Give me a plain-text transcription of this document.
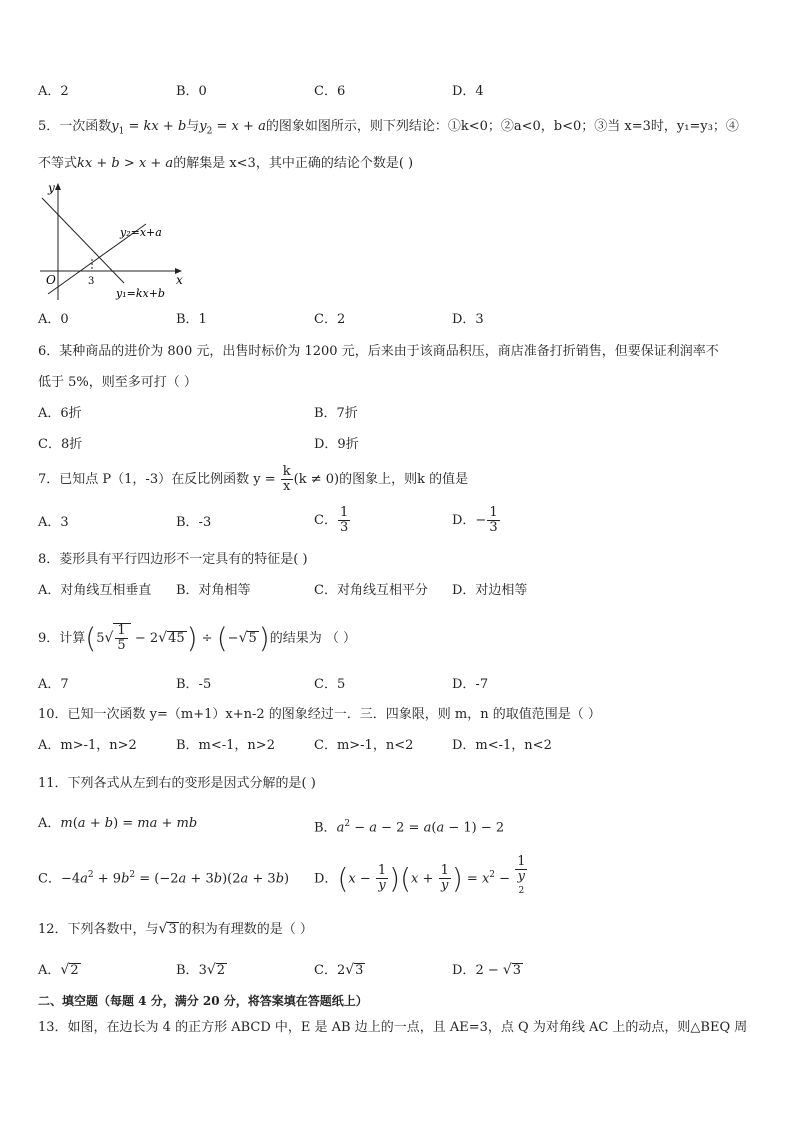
A．2	B．0	C．6	D．4
5．一次函数$y_1$ = kx + b与$y_2 = x + a$的图象如图所示，则下列结论：①k<0；②a<0，b<0；③当 x=3时，y₁=y₃；④
不等式kx + b > x + a的解集是 x<3，其中正确的结论个数是( )
y
x
O	3
y₂=x+a
y₁=kx+b
A．0	B．1	C．2	D．3
6．某种商品的进价为 800 元，出售时标价为 1200 元，后来由于该商品积压，商店准备打折销售，但要保证利润率不
低于 5%，则至多可打（ ）
A．6折	B．7折
C．8折	D．9折
7．已知点 P（1，-3）在反比例函数 $y = \frac{k}{x} (k \ne 0)$的图象上，则k 的值是
A．3	B．-3	C． $\frac{1}{3}$	D．− $\frac{1}{3}$
8．菱形具有平行四边形不一定具有的特征是( )
A．对角线互相垂直 B．对角相等	C．对角线互相平分 D．对边相等
9．计算$(5√ \frac{1}{5} - 2√45) \div (-√5)$的结果为 （ ）
A．7	B．-5	C．5	D．-7
10．已知一次函数 y=（m+1）x+n-2 的图象经过一．三．四象限，则 m，n 的取值范围是（ ）
A．m>-1，n>2	B．m<-1，n>2	C．m>-1，n<2	D．m<-1，n<2
11．下列各式从左到右的变形是因式分解的是( )
A．m(a + b) = ma + mb	B．$a^2 - a - 2 = a(a - 1) - 2$
C．$-4a^2 + 9b^2 = (-2a + 3b)(2a + 3b)$ D．$(x - \frac{1}{y} )(x + \frac{1}{y}$ ) = $x^2 - 1$
y
$^2$
12．下列各数中，与√3 的积为有理数的是（ ）
A．√2	B．3√2	C．2√3	D．2 − √3
二、填空题（每题 4 分，满分 20 分，将答案填在答题纸上）
13．如图，在边长为 4 的正方形 ABCD 中，E 是 AB 边上的一点，且 AE=3，点 Q 为对角线 AC 上的动点，则△BEQ 周
